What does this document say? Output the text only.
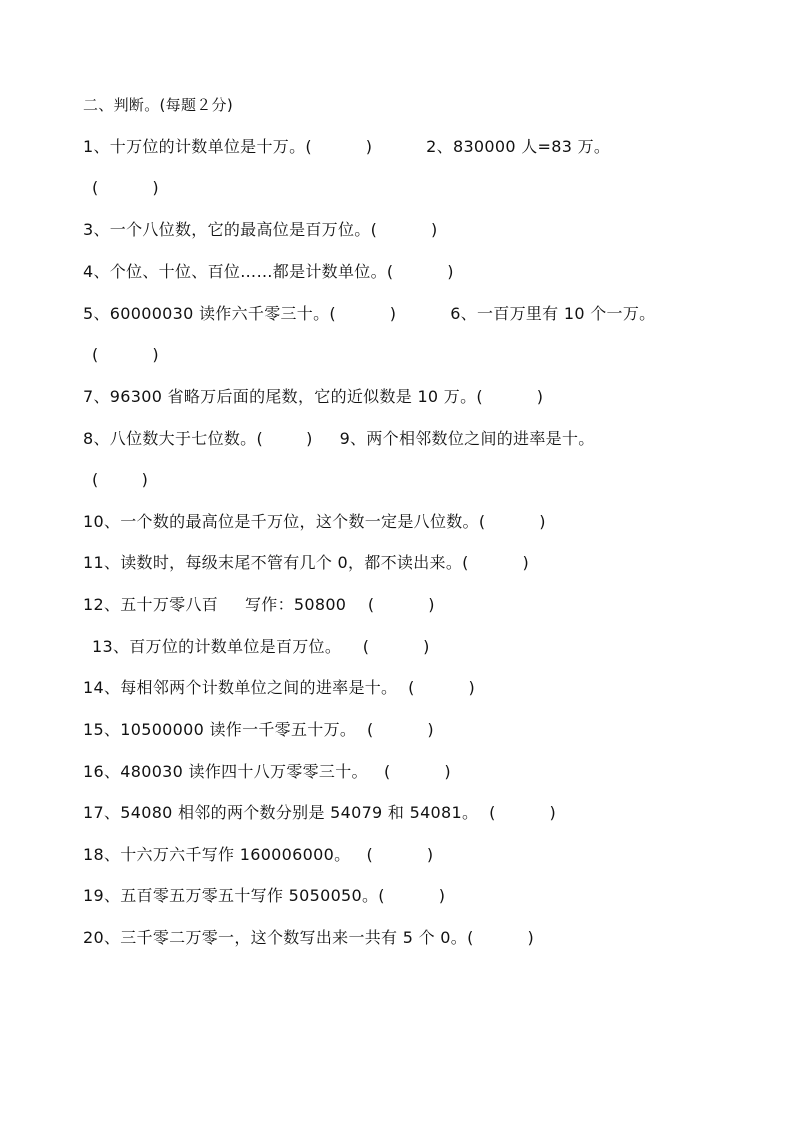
二、判断。(每题２分)
1、十万位的计数单位是十万。(          )          2、830000 人=83 万。
(          )
3、一个八位数，它的最高位是百万位。(          )
4、个位、十位、百位……都是计数单位。(          )
5、60000030 读作六千零三十。(          )          6、一百万里有 10 个一万。
(          )
7、96300 省略万后面的尾数，它的近似数是 10 万。(          )
8、八位数大于七位数。(        )     9、两个相邻数位之间的进率是十。
(        )
10、一个数的最高位是千万位，这个数一定是八位数。(          )
11、读数时，每级末尾不管有几个 0，都不读出来。(          )
12、五十万零八百     写作：50800    (          )
13、百万位的计数单位是百万位。    (          )
14、每相邻两个计数单位之间的进率是十。  (          )
15、10500000 读作一千零五十万。  (          )
16、480030 读作四十八万零零三十。   (          )
17、54080 相邻的两个数分别是 54079 和 54081。  (          )
18、十六万六千写作 160006000。   (          )
19、五百零五万零五十写作 5050050。(          )
20、三千零二万零一，这个数写出来一共有 5 个 0。(          )
